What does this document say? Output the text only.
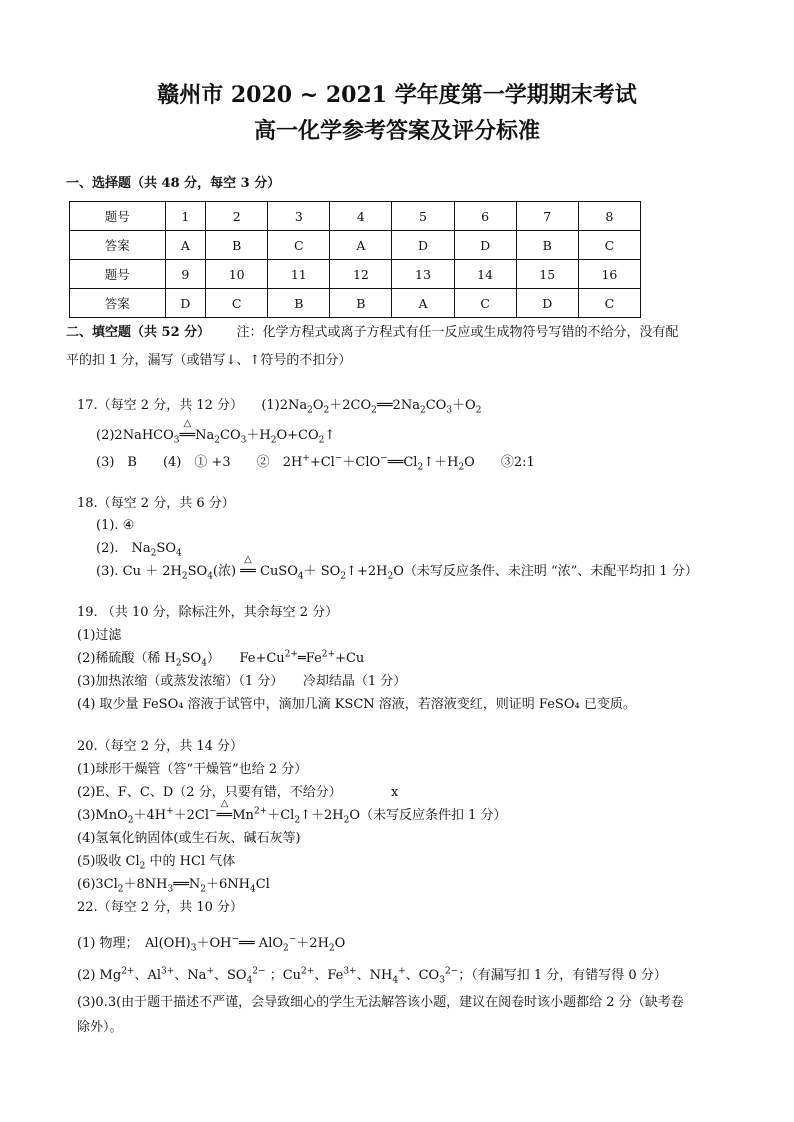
赣州市 2020 ~ 2021 学年度第一学期期末考试
高一化学参考答案及评分标准
一、选择题（共 48 分，每空 3 分）
题号	1	2	3	4	5	6	7	8
答案	A	B	C	A	D	D	B	C
题号	9	10	11	12	13	14	15	16
答案	D	C	B	B	A	C	D	C
二、填空题（共 52 分） 注：化学方程式或离子方程式有任一反应或生成物符号写错的不给分，没有配
平的扣 1 分，漏写（或错写↓、↑符号的不扣分）
17.（每空 2 分，共 12 分） $(1)2Na_2O_2+2CO_2══2Na_2CO_3+O_2$
(2)2NaHCO$_3$══
△
$Na_2CO_3+H_2O+CO_2↑$
(3)　B　　(4)　① +3　　②　$2H^++Cl^-+ClO^-══Cl_2↑+H_2O$　　③2:1
18.（每空 2 分，共 6 分）
(1). ④
(2).　$Na_2SO_4$
(3). $Cu + 2H_2SO_4$(浓) ══
△
CuSO$_4$＋ $SO_2↑+2H_2O$（未写反应条件、未注明 “浓”、未配平均扣 1 分）
19. （共 10 分，除标注外，其余每空 2 分）
(1)过滤
(2)稀硫酸（稀 $H_2SO_4$）　　$Fe+Cu^{2+}═Fe^{2+}+Cu$
(3)加热浓缩（或蒸发浓缩）（1 分）　　冷却结晶（1 分）
(4) 取少量 FeSO₄ 溶液于试管中，滴加几滴 KSCN 溶液，若溶液变红，则证明 FeSO₄ 已变质。
20.（每空 2 分，共 14 分）
(1)球形干燥管（答“干燥管”也给 2 分）
(2)E、F、C、D（2 分，只要有错，不给分）	x
(3)MnO$_2$＋4H+＋2Cl−══
△
$Mn^{2+}+Cl_2↑+2H_2O$（未写反应条件扣 1 分）
(4)氢氧化钠固体(或生石灰、碱石灰等)
(5)吸收 $Cl_2$ 中的 HCl 气体
$(6)3Cl_2+8NH_3══N_2+6NH_4Cl$
22.（每空 2 分，共 10 分）
(1) 物理；　$Al(OH)_3+OH^-══$ $AlO_2^-+2H_2O$
(2) $Mg^{2+}$、$Al^{3+}$、Na+、$SO_4^{2-}$ ；$Cu^{2+}$、$Fe^{3+}$、$NH_4^+$、$CO_3^{2-}$；（有漏写扣 1 分，有错写得 0 分）
(3)0.3(由于题干描述不严谨，会导致细心的学生无法解答该小题，建议在阅卷时该小题都给 2 分（缺考卷
除外）。
